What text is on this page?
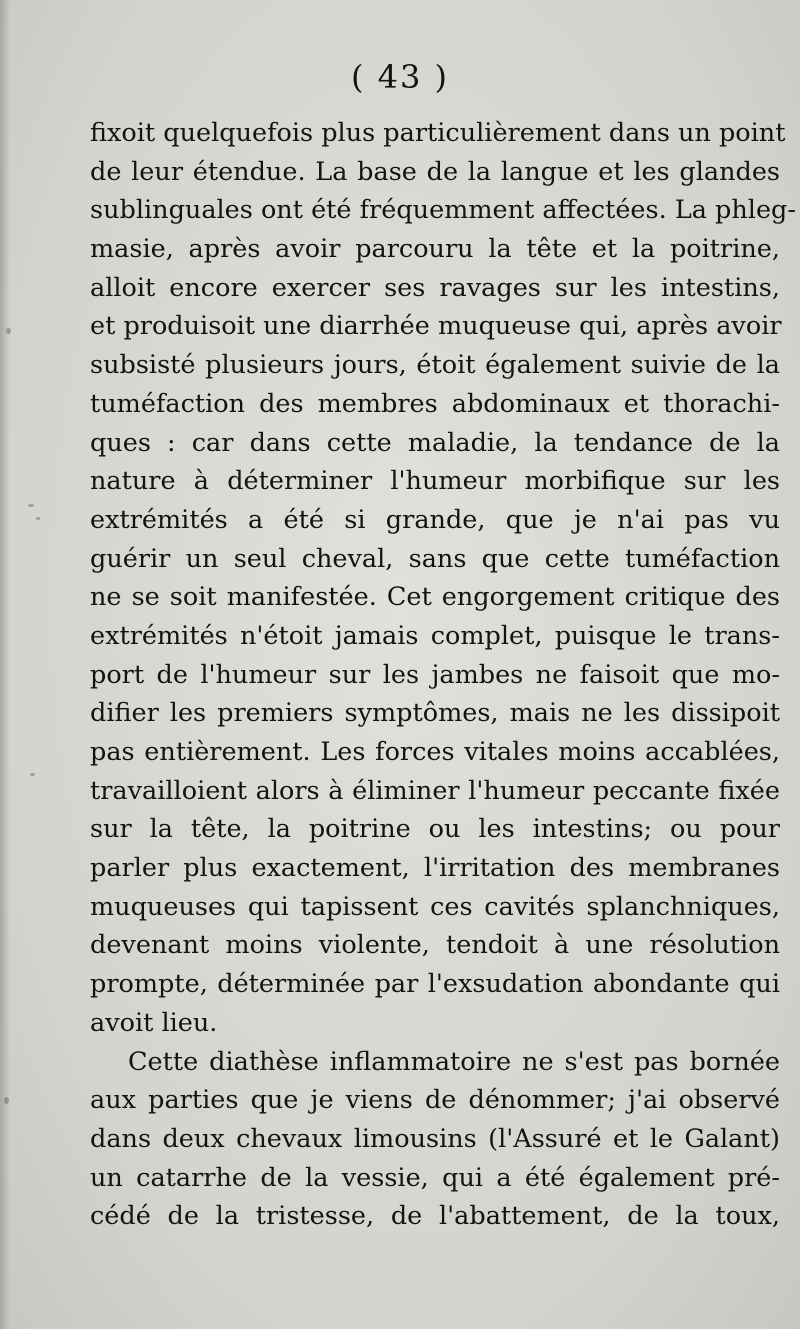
( 43 )
fixoit quelquefois plus particulièrement dans un point
de leur étendue. La base de la langue et les glandes
sublinguales ont été fréquemment affectées. La phleg-
masie, après avoir parcouru la tête et la poitrine,
alloit encore exercer ses ravages sur les intestins,
et produisoit une diarrhée muqueuse qui, après avoir
subsisté plusieurs jours, étoit également suivie de la
tuméfaction des membres abdominaux et thorachi-
ques : car dans cette maladie, la tendance de la
nature à déterminer l'humeur morbifique sur les
extrémités a été si grande, que je n'ai pas vu
guérir un seul cheval, sans que cette tuméfaction
ne se soit manifestée. Cet engorgement critique des
extrémités n'étoit jamais complet, puisque le trans-
port de l'humeur sur les jambes ne faisoit que mo-
difier les premiers symptômes, mais ne les dissipoit
pas entièrement. Les forces vitales moins accablées,
travailloient alors à éliminer l'humeur peccante fixée
sur la tête, la poitrine ou les intestins; ou pour
parler plus exactement, l'irritation des membranes
muqueuses qui tapissent ces cavités splanchniques,
devenant moins violente, tendoit à une résolution
prompte, déterminée par l'exsudation abondante qui
avoit lieu.
Cette diathèse inflammatoire ne s'est pas bornée
aux parties que je viens de dénommer; j'ai observé
dans deux chevaux limousins (l'Assuré et le Galant)
un catarrhe de la vessie, qui a été également pré-
cédé de la tristesse, de l'abattement, de la toux,
